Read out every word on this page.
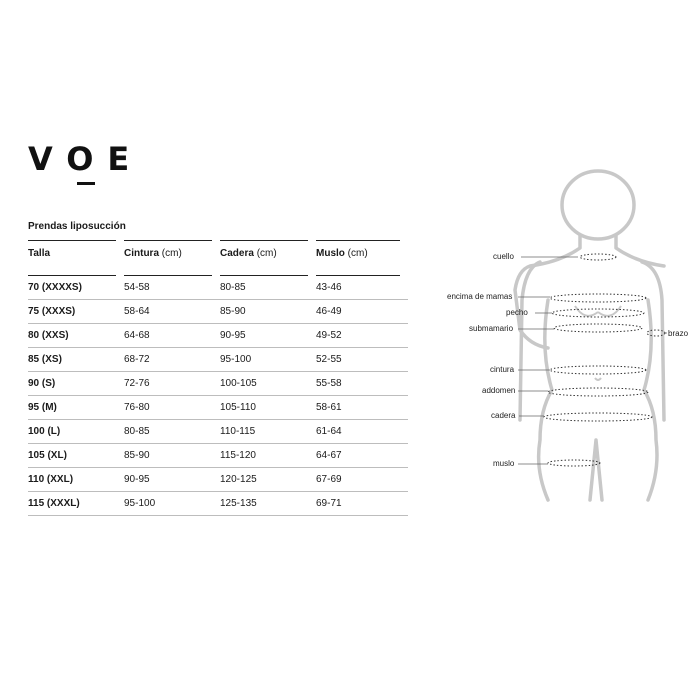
VOE
Prendas liposucción
Talla	Cintura (cm)	Cadera (cm)	Muslo (cm)

70 (XXXXS)	54-58	80-85	43-46

75 (XXXS)	58-64	85-90	46-49

80 (XXS)	64-68	90-95	49-52

85 (XS)	68-72	95-100	52-55

90 (S)	72-76	100-105	55-58

95 (M)	76-80	105-110	58-61

100 (L)	80-85	110-115	61-64

105 (XL)	85-90	115-120	64-67

110 (XXL)	90-95	120-125	67-69

115 (XXXL)	95-100	125-135	69-71
cuello
encima de mamas
pecho
submamario
brazo
cintura
addomen
cadera
muslo
